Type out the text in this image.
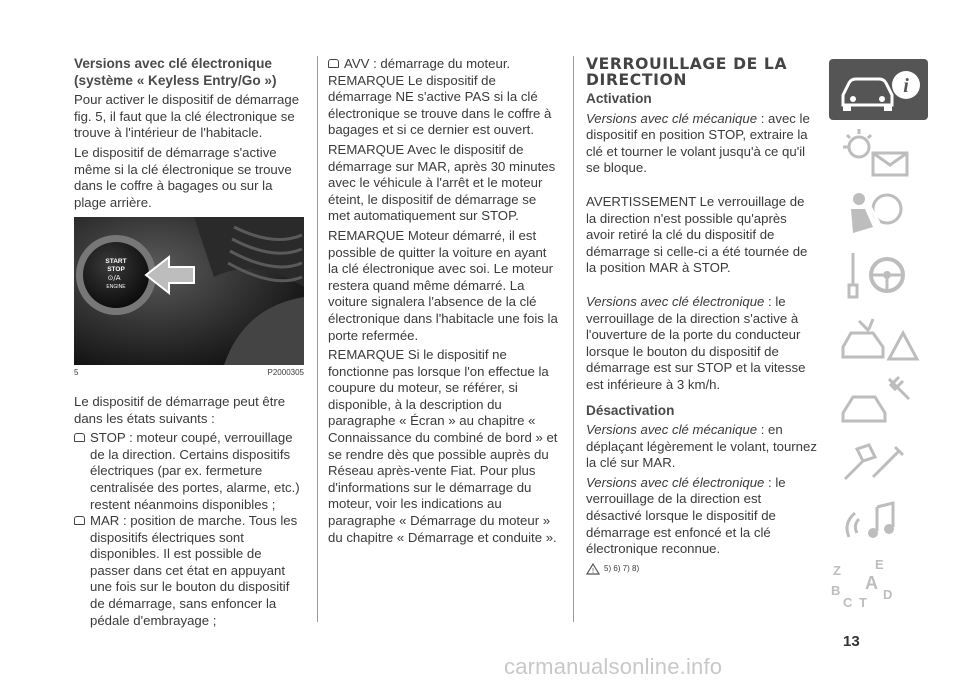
Versions avec clé électronique (système « Keyless Entry/Go »)

Pour activer le dispositif de démarrage fig. 5, il faut que la clé électronique se trouve à l'intérieur de l'habitacle.

Le dispositif de démarrage s'active même si la clé électronique se trouve dans le coffre à bagages ou sur la plage arrière.

START
STOP
ENGINE
⊙/A
5	P2000305

Le dispositif de démarrage peut être dans les états suivants :

STOP : moteur coupé, verrouillage de la direction. Certains dispositifs électriques (par ex. fermeture centralisée des portes, alarme, etc.) restent néanmoins disponibles ;
MAR : position de marche. Tous les dispositifs électriques sont disponibles. Il est possible de passer dans cet état en appuyant une fois sur le bouton du dispositif de démarrage, sans enfoncer la pédale d'embrayage ;
AVV : démarrage du moteur.

REMARQUE Le dispositif de démarrage NE s'active PAS si la clé électronique se trouve dans le coffre à bagages et si ce dernier est ouvert.

REMARQUE Avec le dispositif de démarrage sur MAR, après 30 minutes avec le véhicule à l'arrêt et le moteur éteint, le dispositif de démarrage se met automatiquement sur STOP.

REMARQUE Moteur démarré, il est possible de quitter la voiture en ayant la clé électronique avec soi. Le moteur restera quand même démarré. La voiture signalera l'absence de la clé électronique dans l'habitacle une fois la porte refermée.

REMARQUE Si le dispositif ne fonctionne pas lorsque l'on effectue la coupure du moteur, se référer, si disponible, à la description du paragraphe « Écran » au chapitre « Connaissance du combiné de bord » et se rendre dès que possible auprès du Réseau après-vente Fiat. Pour plus d'informations sur le démarrage du moteur, voir les indications au paragraphe « Démarrage du moteur » du chapitre « Démarrage et conduite ».

VERROUILLAGE DE LA DIRECTION

Activation

Versions avec clé mécanique : avec le dispositif en position STOP, extraire la clé et tourner le volant jusqu'à ce qu'il se bloque.

AVERTISSEMENT Le verrouillage de la direction n'est possible qu'après avoir retiré la clé du dispositif de démarrage si celle-ci a été tournée de la position MAR à STOP.

Versions avec clé électronique : le verrouillage de la direction s'active à l'ouverture de la porte du conducteur lorsque le bouton du dispositif de démarrage est sur STOP et la vitesse est inférieure à 3 km/h.

Désactivation

Versions avec clé mécanique : en déplaçant légèrement le volant, tournez la clé sur MAR.

Versions avec clé électronique : le verrouillage de la direction est désactivé lorsque le dispositif de démarrage est enfoncé et la clé électronique reconnue.

! 5) 6) 7) 8)
i
Z	E
B A
C T
D
13
carmanualsonline.info
